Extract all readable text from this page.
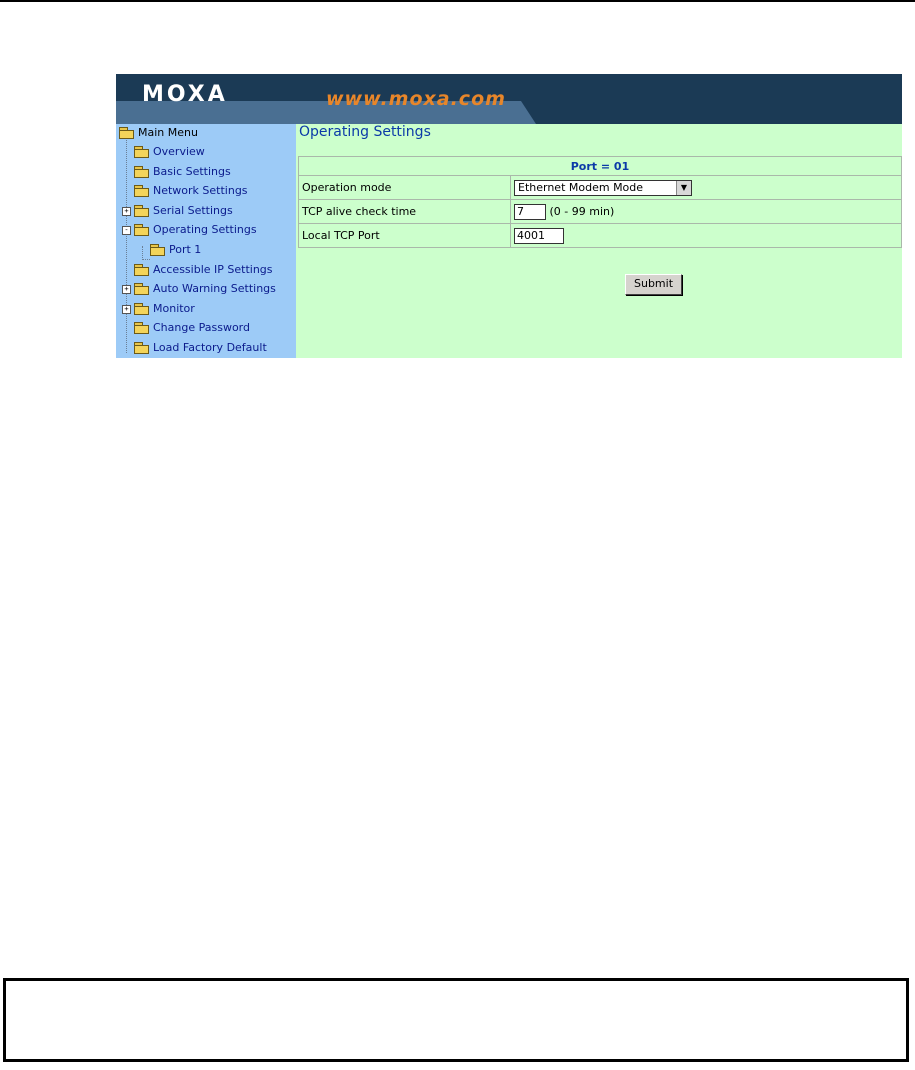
MOXA	www.moxa.com
Main Menu
Overview
Basic Settings
Network Settings
+ Serial Settings
- Operating Settings
Port 1
Accessible IP Settings
+ Auto Warning Settings
+ Monitor
Change Password
Load Factory Default
Operating Settings
Port = 01	
Operation mode	Ethernet Modem Mode ▼

TCP alive check time	7 (0 - 99 min)
Local TCP Port	4001
Submit
